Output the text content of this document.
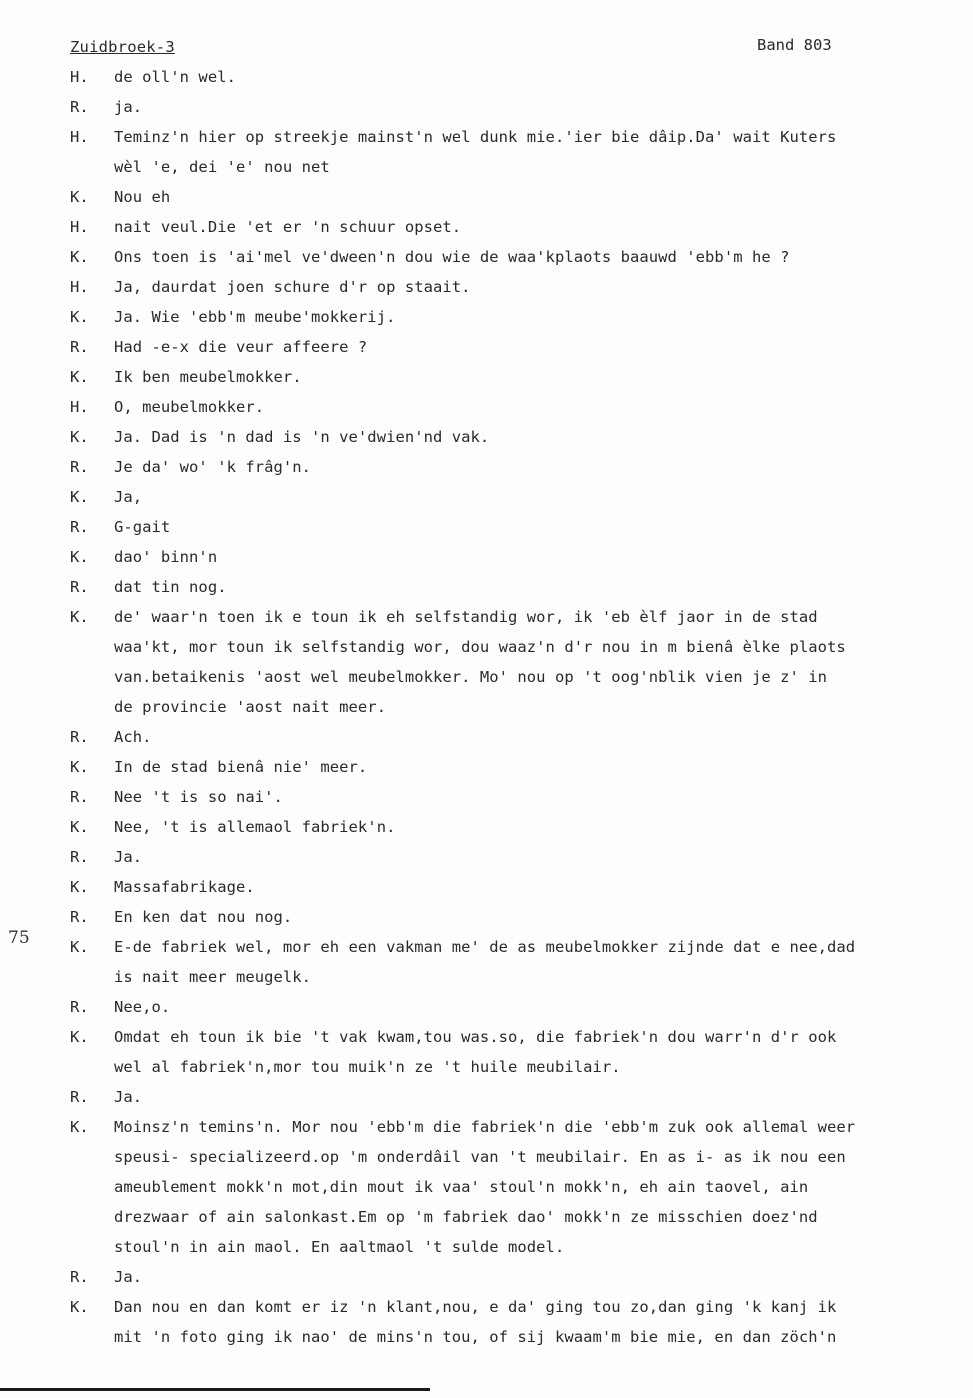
Zuidbroek-3	Band 803
75
H.	de oll'n wel.
R.	ja.
H.	Teminz'n hier op streekje mainst'n wel dunk mie.'ier bie dâip.Da' wait Kuters
wèl 'e, dei 'e' nou net
K.	Nou eh
H.	nait veul.Die 'et er 'n schuur opset.
K.	Ons toen is 'ai'mel ve'dween'n dou wie de waa'kplaots baauwd 'ebb'm he ?
H.	Ja, daurdat joen schure d'r op staait.
K.	Ja. Wie 'ebb'm meube'mokkerij.
R.	Had -e-x die veur affeere ?
K.	Ik ben meubelmokker.
H.	O, meubelmokker.
K.	Ja. Dad is 'n dad is 'n ve'dwien'nd vak.
R.	Je da' wo' 'k frâg'n.
K.	Ja,
R.	G-gait
K.	dao' binn'n
R.	dat tin nog.
K.	de' waar'n toen ik e toun ik eh selfstandig wor, ik 'eb èlf jaor in de stad
waa'kt, mor toun ik selfstandig wor, dou waaz'n d'r nou in m bienâ èlke plaots
van.betaikenis 'aost wel meubelmokker. Mo' nou op 't oog'nblik vien je z' in
de provincie 'aost nait meer.
R.	Ach.
K.	In de stad bienâ nie' meer.
R.	Nee 't is so nai'.
K.	Nee, 't is allemaol fabriek'n.
R.	Ja.
K.	Massafabrikage.
R.	En ken dat nou nog.
K.	E-de fabriek wel, mor eh een vakman me' de as meubelmokker zijnde dat e nee,dad
is nait meer meugelk.
R.	Nee,o.
K.	Omdat eh toun ik bie 't vak kwam,tou was.so, die fabriek'n dou warr'n d'r ook
wel al fabriek'n,mor tou muik'n ze 't huile meubilair.
R.	Ja.
K.	Moinsz'n temins'n. Mor nou 'ebb'm die fabriek'n die 'ebb'm zuk ook allemal weer
speusi- specializeerd.op 'm onderdâil van 't meubilair. En as i- as ik nou een
ameublement mokk'n mot,din mout ik vaa' stoul'n mokk'n, eh ain taovel, ain
drezwaar of ain salonkast.Em op 'm fabriek dao' mokk'n ze misschien doez'nd
stoul'n in ain maol. En aaltmaol 't sulde model.
R.	Ja.
K.	Dan nou en dan komt er iz 'n klant,nou, e da' ging tou zo,dan ging 'k kanj ik
mit 'n foto ging ik nao' de mins'n tou, of sij kwaam'm bie mie, en dan zöch'n
